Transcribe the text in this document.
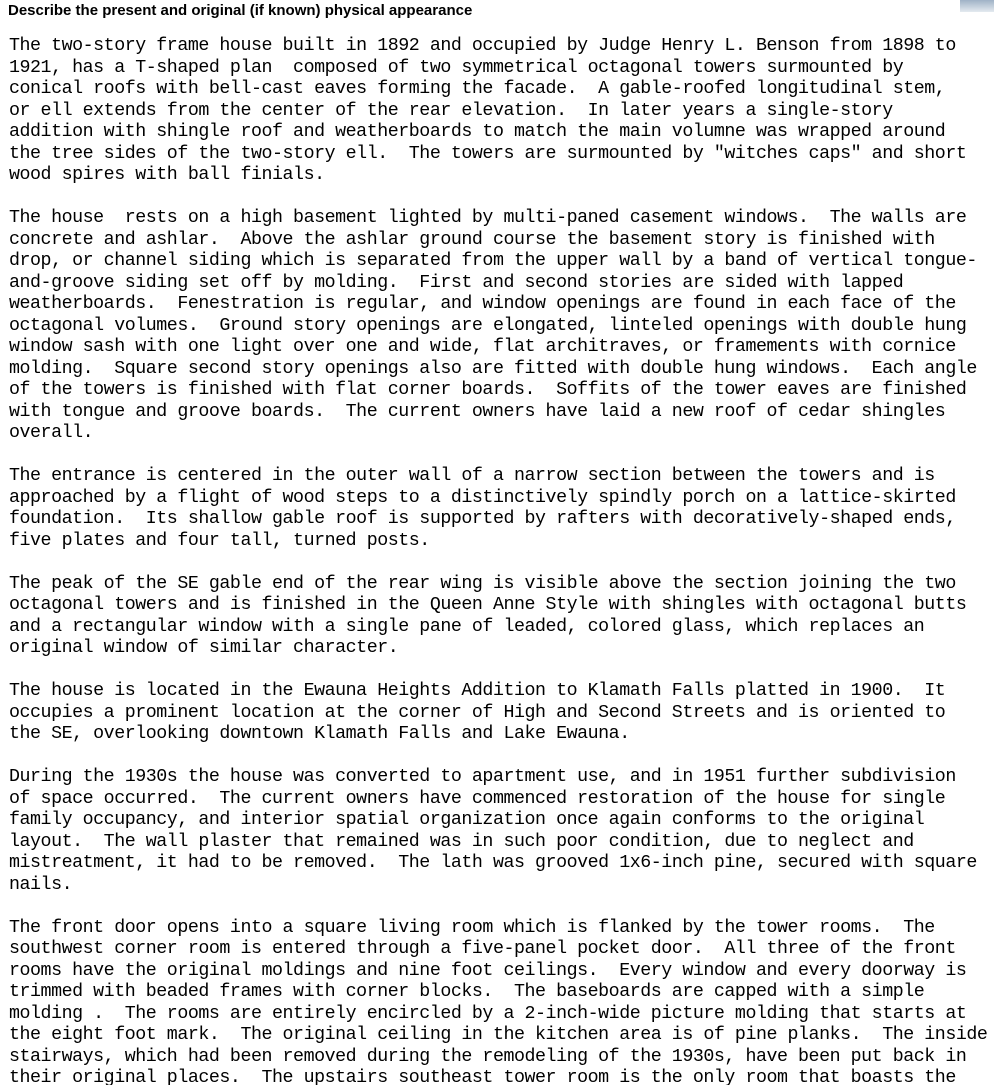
Describe the present and original (if known) physical appearance
The two-story frame house built in 1892 and occupied by Judge Henry L. Benson from 1898 to
1921, has a T-shaped plan  composed of two symmetrical octagonal towers surmounted by
conical roofs with bell-cast eaves forming the facade.  A gable-roofed longitudinal stem,
or ell extends from the center of the rear elevation.  In later years a single-story
addition with shingle roof and weatherboards to match the main volumne was wrapped around
the tree sides of the two-story ell.  The towers are surmounted by "witches caps" and short
wood spires with ball finials.
The house  rests on a high basement lighted by multi-paned casement windows.  The walls are
concrete and ashlar.  Above the ashlar ground course the basement story is finished with
drop, or channel siding which is separated from the upper wall by a band of vertical tongue-
and-groove siding set off by molding.  First and second stories are sided with lapped
weatherboards.  Fenestration is regular, and window openings are found in each face of the
octagonal volumes.  Ground story openings are elongated, linteled openings with double hung
window sash with one light over one and wide, flat architraves, or framements with cornice
molding.  Square second story openings also are fitted with double hung windows.  Each angle
of the towers is finished with flat corner boards.  Soffits of the tower eaves are finished
with tongue and groove boards.  The current owners have laid a new roof of cedar shingles
overall.
The entrance is centered in the outer wall of a narrow section between the towers and is
approached by a flight of wood steps to a distinctively spindly porch on a lattice-skirted
foundation.  Its shallow gable roof is supported by rafters with decoratively-shaped ends,
five plates and four tall, turned posts.
The peak of the SE gable end of the rear wing is visible above the section joining the two
octagonal towers and is finished in the Queen Anne Style with shingles with octagonal butts
and a rectangular window with a single pane of leaded, colored glass, which replaces an
original window of similar character.
The house is located in the Ewauna Heights Addition to Klamath Falls platted in 1900.  It
occupies a prominent location at the corner of High and Second Streets and is oriented to
the SE, overlooking downtown Klamath Falls and Lake Ewauna.
During the 1930s the house was converted to apartment use, and in 1951 further subdivision
of space occurred.  The current owners have commenced restoration of the house for single
family occupancy, and interior spatial organization once again conforms to the original
layout.  The wall plaster that remained was in such poor condition, due to neglect and
mistreatment, it had to be removed.  The lath was grooved 1x6-inch pine, secured with square
nails.
The front door opens into a square living room which is flanked by the tower rooms.  The
southwest corner room is entered through a five-panel pocket door.  All three of the front
rooms have the original moldings and nine foot ceilings.  Every window and every doorway is
trimmed with beaded frames with corner blocks.  The baseboards are capped with a simple
molding .  The rooms are entirely encircled by a 2-inch-wide picture molding that starts at
the eight foot mark.  The original ceiling in the kitchen area is of pine planks.  The inside
stairways, which had been removed during the remodeling of the 1930s, have been put back in
their original places.  The upstairs southeast tower room is the only room that boasts the
